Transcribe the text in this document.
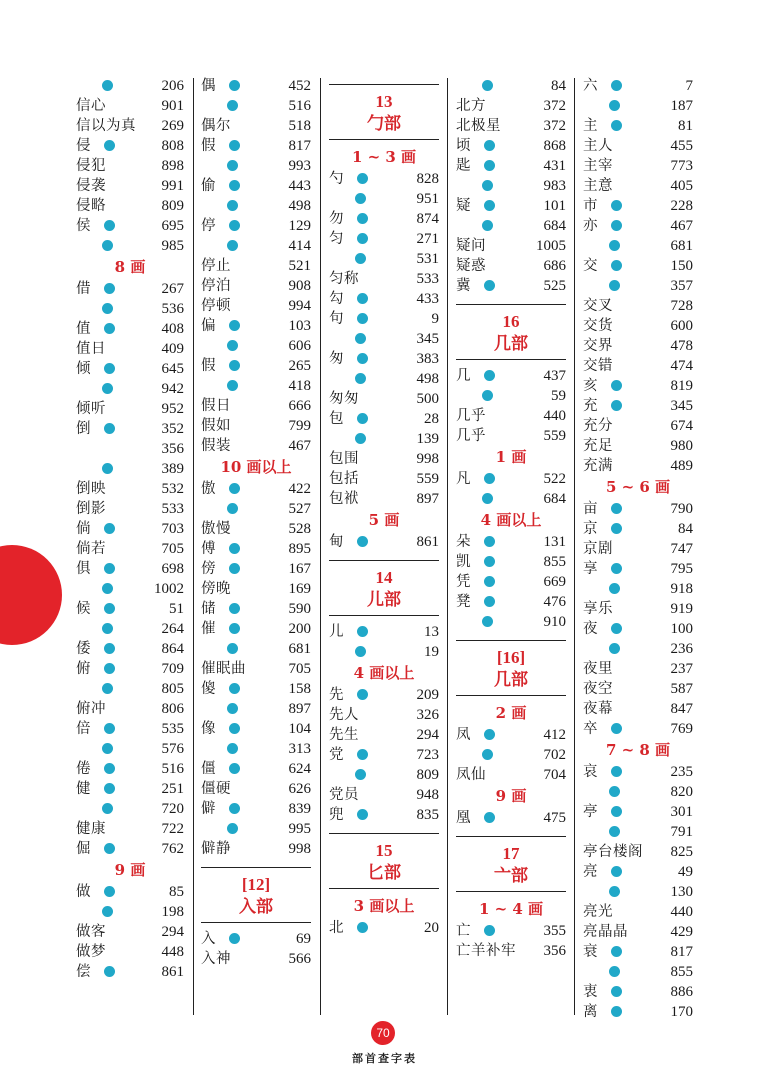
206
信心	901
信以为真 269
侵	808
侵犯	898
侵袭	991
侵略	809
侯	695
985
8 画
借	267
536
值	408
值日	409
倾	645
942
倾听	952
倒	352
356
389
倒映	532
倒影	533
倘	703
倘若	705
俱	698
1002
候	51
264
倭	864
俯	709
805
俯冲	806
倍	535
576
倦	516
健	251
720
健康	722
倔	762
9 画
做	85
198
做客	294
做梦	448
偿	861
偶	452
516
偶尔	518
假	817
993
偷	443
498
停	129
414
停止	521
停泊	908
停顿	994
偏	103
606
假	265
418
假日	666
假如	799
假装	467
10 画以上
傲	422
527
傲慢	528
傅	895
傍	167
傍晚	169
储	590
催	200
681
催眠曲	705
傻	158
897
像	104
313
僵	624
僵硬	626
僻	839
995
僻静	998
[12]
入部
入	69
入神	566
13
勹部
1 ~ 3 画
勺	828
951
勿	874
匀	271
531
匀称	533
勾	433
句	9
345
匆	383
498
匆匆	500
包	28
139
包围	998
包括	559
包袱	897
5 画
甸	861
14
儿部
儿	13
19
4 画以上
先	209
先人	326
先生	294
党	723
809
党员	948
兜	835
15
匕部
3 画以上
北	20
84
北方	372
北极星	372
顷	868
匙	431
983
疑	101
684
疑问	1005
疑惑	686
冀	525
16
几部
几	437
59
几乎	440
几乎	559
1 画
凡	522
684
4 画以上
朵	131
凯	855
凭	669
凳	476
910
[16]
几部
2 画
凤	412
702
凤仙	704
9 画
凰	475
17
亠部
1 ~ 4 画
亡	355
亡羊补牢 356
六	7
187
主	81
主人	455
主宰	773
主意	405
市	228
亦	467
681
交	150
357
交叉	728
交货	600
交界	478
交错	474
亥	819
充	345
充分	674
充足	980
充满	489
5 ~ 6 画
亩	790
京	84
京剧	747
享	795
918
享乐	919
夜	100
236
夜里	237
夜空	587
夜幕	847
卒	769
7 ~ 8 画
哀	235
820
亭	301
791
亭台楼阁 825
亮	49
130
亮光	440
亮晶晶	429
衰	817
855
衷	886
离	170
70
部首查字表
